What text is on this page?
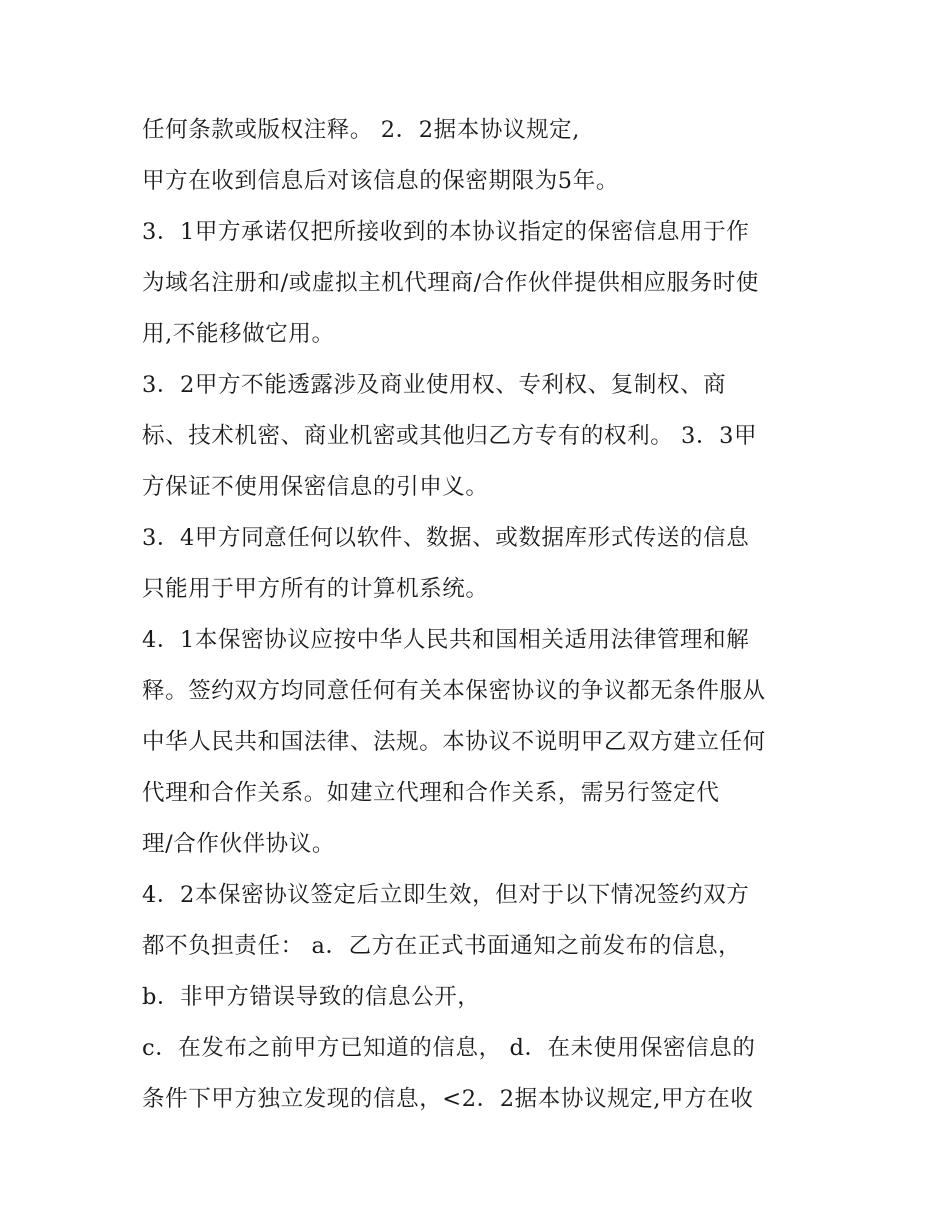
任何条款或版权注释。 2．2据本协议规定,
甲方在收到信息后对该信息的保密期限为5年。
3．1甲方承诺仅把所接收到的本协议指定的保密信息用于作
为域名注册和/或虚拟主机代理商/合作伙伴提供相应服务时使
用,不能移做它用。
3．2甲方不能透露涉及商业使用权、专利权、复制权、商
标、技术机密、商业机密或其他归乙方专有的权利。 3．3甲
方保证不使用保密信息的引申义。
3．4甲方同意任何以软件、数据、或数据库形式传送的信息
只能用于甲方所有的计算机系统。
4．1本保密协议应按中华人民共和国相关适用法律管理和解
释。签约双方均同意任何有关本保密协议的争议都无条件服从
中华人民共和国法律、法规。本协议不说明甲乙双方建立任何
代理和合作关系。如建立代理和合作关系，需另行签定代
理/合作伙伴协议。
4．2本保密协议签定后立即生效，但对于以下情况签约双方
都不负担责任： a．乙方在正式书面通知之前发布的信息，
b．非甲方错误导致的信息公开，
c．在发布之前甲方已知道的信息， d．在未使用保密信息的
条件下甲方独立发现的信息，<2．2据本协议规定,甲方在收
